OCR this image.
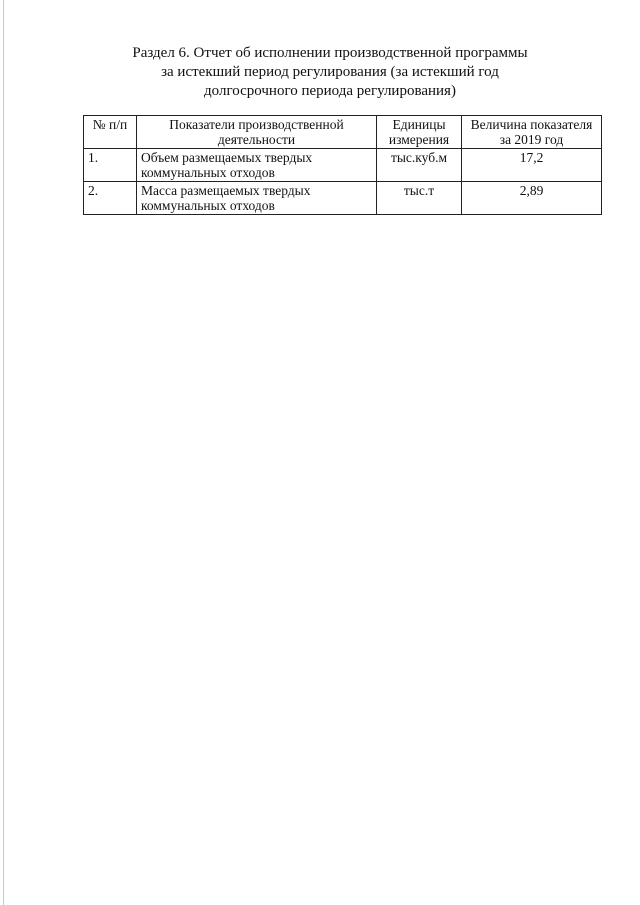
Раздел 6. Отчет об исполнении производственной программы
за истекший период регулирования (за истекший год
долгосрочного периода регулирования)
№ п/п	Показатели производственной деятельности	Единицы измерения	Величина показателя за 2019 год
1.	Объем размещаемых твердых коммунальных отходов	тыс.куб.м	17,2
2.	Масса размещаемых твердых коммунальных отходов	тыс.т	2,89
